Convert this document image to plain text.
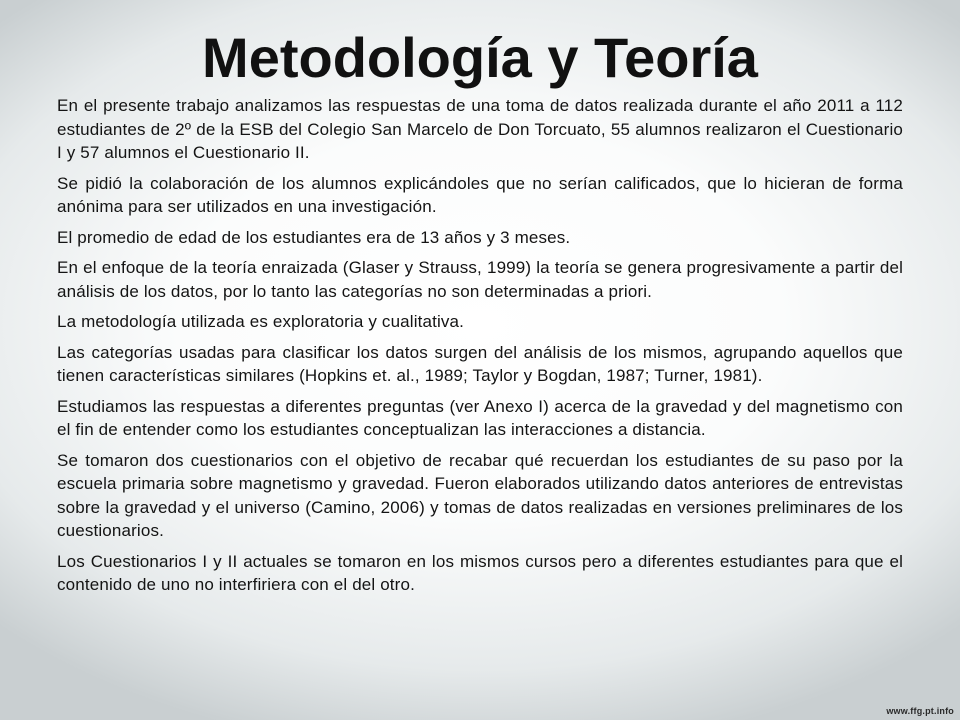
Metodología y Teoría

En el presente trabajo analizamos las respuestas de una toma de datos realizada durante el año 2011 a 112 estudiantes de 2º de la ESB del Colegio San Marcelo de Don Torcuato, 55 alumnos realizaron el Cuestionario I y 57 alumnos el Cuestionario II.

Se pidió la colaboración de los alumnos explicándoles que no serían calificados, que lo hicieran de forma anónima para ser utilizados en una investigación.

El promedio de edad de los estudiantes era de 13 años y 3 meses.

En el enfoque de la teoría enraizada (Glaser y Strauss, 1999) la teoría se genera progresivamente a partir del análisis de los datos, por lo tanto las categorías no son determinadas a priori.

La metodología utilizada es exploratoria y cualitativa.

Las categorías usadas para clasificar los datos surgen del análisis de los mismos, agrupando aquellos que tienen características similares (Hopkins et. al., 1989; Taylor y Bogdan, 1987; Turner, 1981).

Estudiamos las respuestas a diferentes preguntas (ver Anexo I) acerca de la gravedad y del magnetismo con el fin de entender como los estudiantes conceptualizan las interacciones a distancia.

Se tomaron dos cuestionarios con el objetivo de recabar qué recuerdan los estudiantes de su paso por la escuela primaria sobre magnetismo y gravedad. Fueron elaborados utilizando datos anteriores de entrevistas sobre la gravedad y el universo (Camino, 2006) y tomas de datos realizadas en versiones preliminares de los cuestionarios.

Los Cuestionarios I y II actuales se tomaron en los mismos cursos pero a diferentes estudiantes para que el contenido de uno no interfiriera con el del otro.

www.ffg.pt.info
